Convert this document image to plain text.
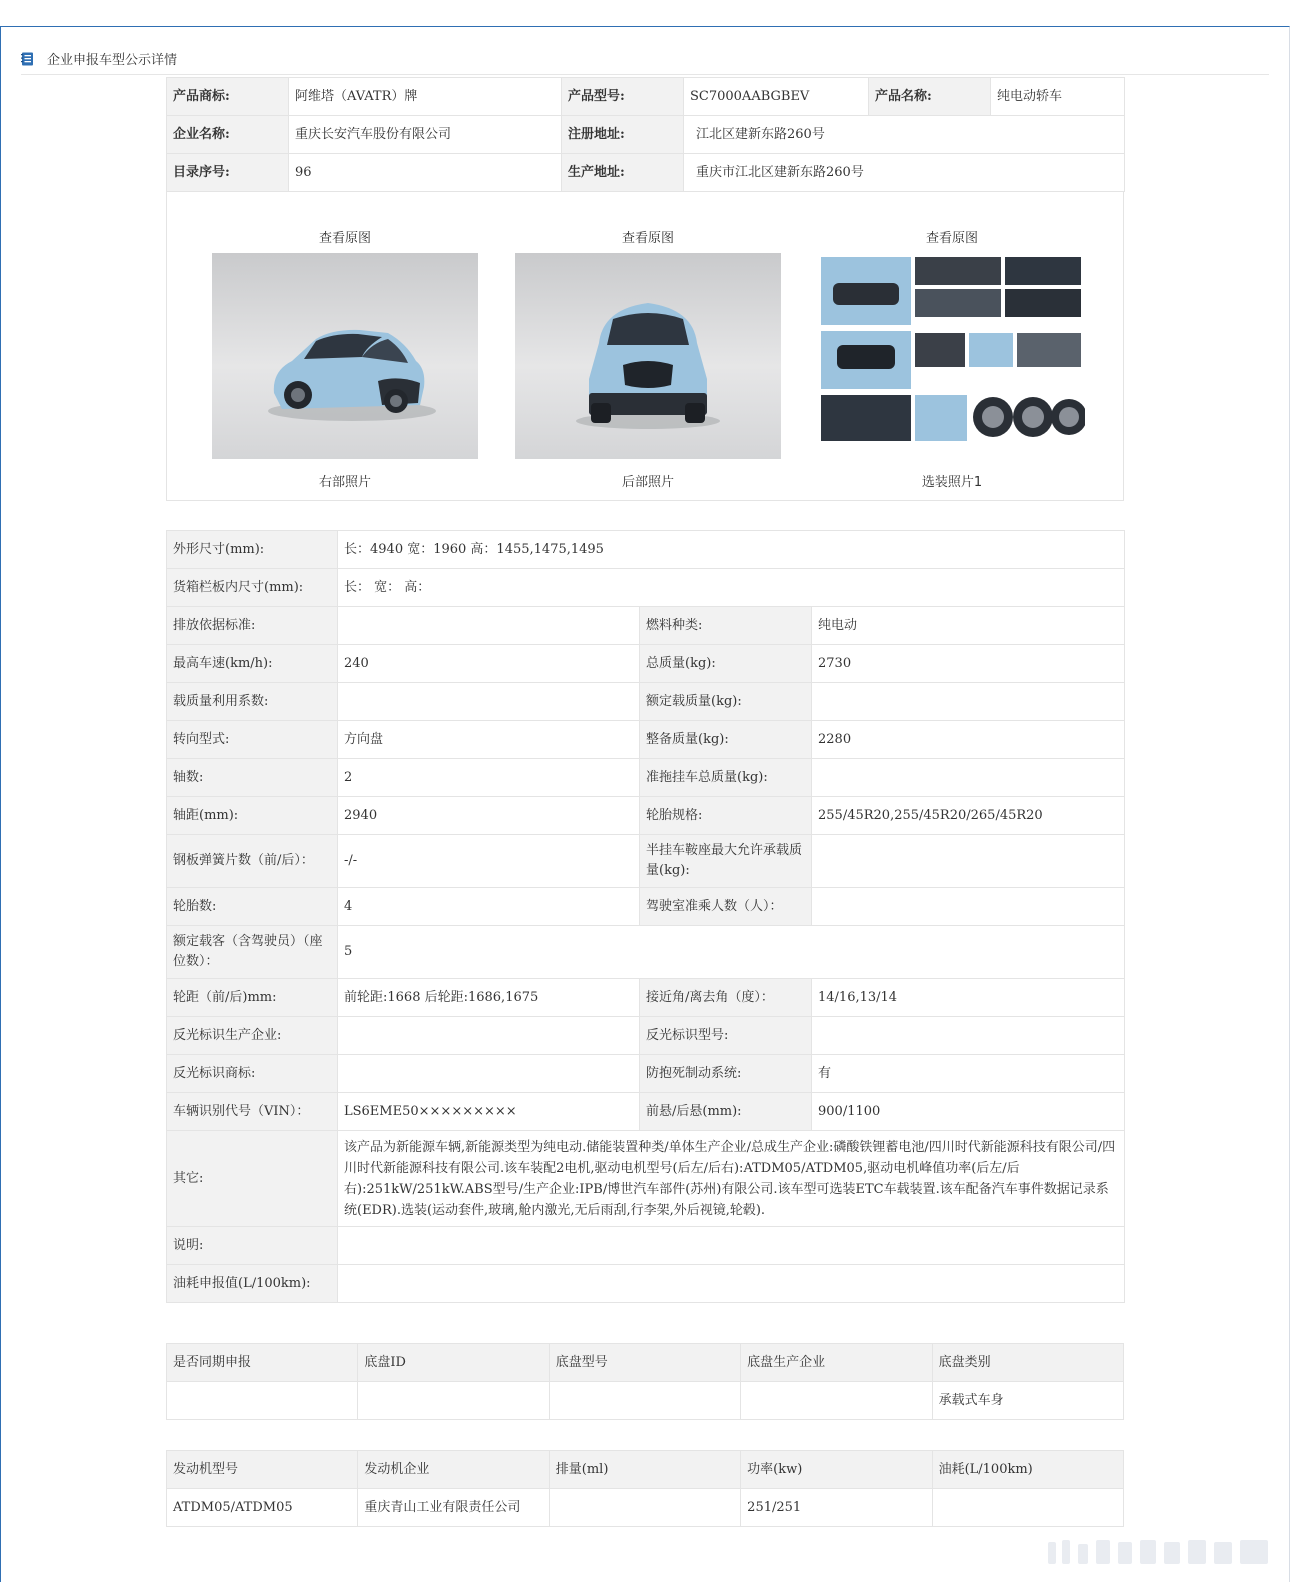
企业申报车型公示详情
产品商标:	阿维塔（AVATR）牌	产品型号:	SC7000AABGBEV	产品名称:	纯电动轿车
企业名称:	重庆长安汽车股份有限公司	注册地址:	江北区建新东路260号		
目录序号:	96	生产地址:	重庆市江北区建新东路260号		
查看原图
右部照片
查看原图
后部照片
查看原图
选装照片1
外形尺寸(mm):	长：4940 宽：1960 高：1455,1475,1495		
货箱栏板内尺寸(mm):	长： 宽： 高：		
排放依据标准:		燃料种类:	纯电动
最高车速(km/h):	240	总质量(kg):	2730
载质量利用系数:		额定载质量(kg):	
转向型式:	方向盘	整备质量(kg):	2280
轴数:	2	准拖挂车总质量(kg):	
轴距(mm):	2940	轮胎规格:	255/45R20,255/45R20/265/45R20
钢板弹簧片数（前/后）：	-/-	半挂车鞍座最大允许承载质量(kg):	
轮胎数:	4	驾驶室准乘人数（人）：	
额定载客（含驾驶员）（座位数）：	5		
轮距（前/后)mm:	前轮距:1668 后轮距:1686,1675	接近角/离去角（度）：	14/16,13/14
反光标识生产企业:		反光标识型号:	
反光标识商标:		防抱死制动系统:	有
车辆识别代号（VIN）：	LS6EME50×××××××××	前悬/后悬(mm):	900/1100
其它:	该产品为新能源车辆,新能源类型为纯电动.储能装置种类/单体生产企业/总成生产企业:磷酸铁锂蓄电池/四川时代新能源科技有限公司/四川时代新能源科技有限公司.该车装配2电机,驱动电机型号(后左/后右):ATDM05/ATDM05,驱动电机峰值功率(后左/后右):251kW/251kW.ABS型号/生产企业:IPB/博世汽车部件(苏州)有限公司.该车型可选装ETC车载装置.该车配备汽车事件数据记录系统(EDR).选装(运动套件,玻璃,舱内激光,无后雨刮,行李架,外后视镜,轮毂).		
说明:			
油耗申报值(L/100km):			
是否同期申报	底盘ID	底盘型号	底盘生产企业	底盘类别
				承载式车身
发动机型号	发动机企业	排量(ml)	功率(kw)	油耗(L/100km)
ATDM05/ATDM05	重庆青山工业有限责任公司		251/251	
